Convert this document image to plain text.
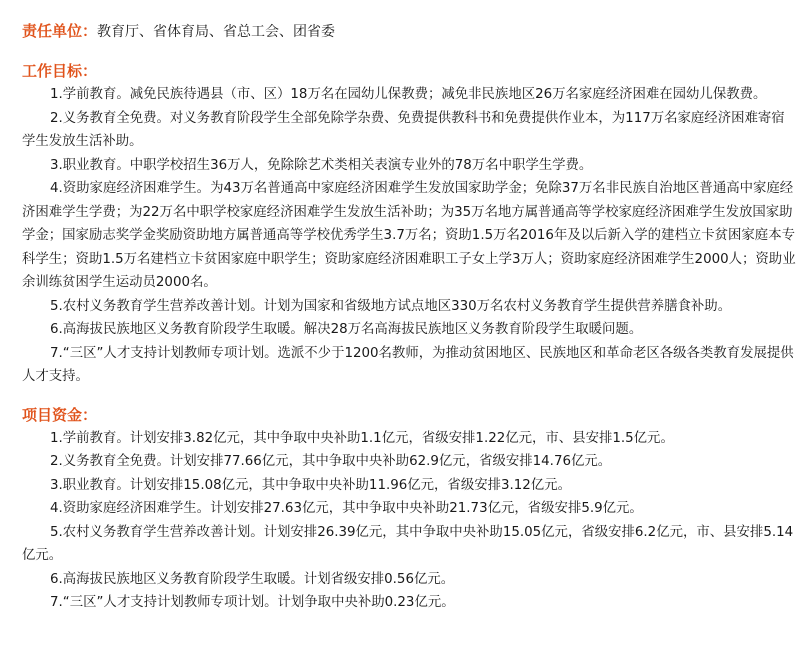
责任单位：教育厅、省体育局、省总工会、团省委

工作目标：

1.学前教育。减免民族待遇县（市、区）18万名在园幼儿保教费；减免非民族地区26万名家庭经济困难在园幼儿保教费。

2.义务教育全免费。对义务教育阶段学生全部免除学杂费、免费提供教科书和免费提供作业本，为117万名家庭经济困难寄宿学生发放生活补助。

3.职业教育。中职学校招生36万人，免除除艺术类相关表演专业外的78万名中职学生学费。

4.资助家庭经济困难学生。为43万名普通高中家庭经济困难学生发放国家助学金；免除37万名非民族自治地区普通高中家庭经济困难学生学费；为22万名中职学校家庭经济困难学生发放生活补助；为35万名地方属普通高等学校家庭经济困难学生发放国家助学金；国家励志奖学金奖励资助地方属普通高等学校优秀学生3.7万名；资助1.5万名2016年及以后新入学的建档立卡贫困家庭本专科学生；资助1.5万名建档立卡贫困家庭中职学生；资助家庭经济困难职工子女上学3万人；资助家庭经济困难学生2000人；资助业余训练贫困学生运动员2000名。

5.农村义务教育学生营养改善计划。计划为国家和省级地方试点地区330万名农村义务教育学生提供营养膳食补助。

6.高海拔民族地区义务教育阶段学生取暖。解决28万名高海拔民族地区义务教育阶段学生取暖问题。

7.“三区”人才支持计划教师专项计划。选派不少于1200名教师，为推动贫困地区、民族地区和革命老区各级各类教育发展提供人才支持。

项目资金：

1.学前教育。计划安排3.82亿元，其中争取中央补助1.1亿元，省级安排1.22亿元，市、县安排1.5亿元。

2.义务教育全免费。计划安排77.66亿元，其中争取中央补助62.9亿元，省级安排14.76亿元。

3.职业教育。计划安排15.08亿元，其中争取中央补助11.96亿元，省级安排3.12亿元。

4.资助家庭经济困难学生。计划安排27.63亿元，其中争取中央补助21.73亿元，省级安排5.9亿元。

5.农村义务教育学生营养改善计划。计划安排26.39亿元，其中争取中央补助15.05亿元，省级安排6.2亿元，市、县安排5.14亿元。

6.高海拔民族地区义务教育阶段学生取暖。计划省级安排0.56亿元。

7.“三区”人才支持计划教师专项计划。计划争取中央补助0.23亿元。
